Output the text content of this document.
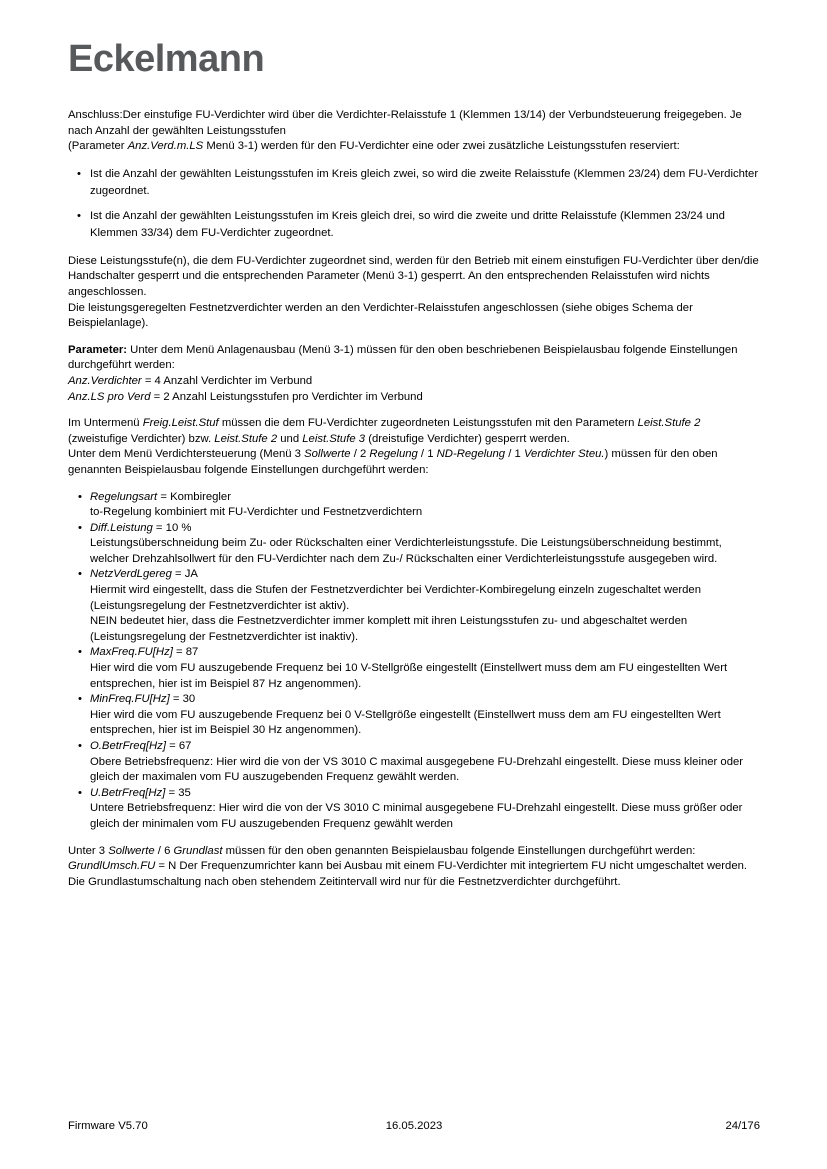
Eckelmann

Anschluss:Der einstufige FU-Verdichter wird über die Verdichter-Relaisstufe 1 (Klemmen 13/14) der Verbundsteuerung freigegeben. Je nach Anzahl der gewählten Leistungsstufen
(Parameter Anz.Verd.m.LS Menü 3-1) werden für den FU-Verdichter eine oder zwei zusätzliche Leistungsstufen reserviert:

• Ist die Anzahl der gewählten Leistungsstufen im Kreis gleich zwei, so wird die zweite Relaisstufe (Klemmen 23/24) dem FU-Verdichter zugeordnet.
• Ist die Anzahl der gewählten Leistungsstufen im Kreis gleich drei, so wird die zweite und dritte Relaisstufe (Klemmen 23/24 und Klemmen 33/34) dem FU-Verdichter zugeordnet.

Diese Leistungsstufe(n), die dem FU-Verdichter zugeordnet sind, werden für den Betrieb mit einem einstufigen FU-Verdichter über den/die Handschalter gesperrt und die entsprechenden Parameter (Menü 3-1) gesperrt. An den entsprechenden Relaisstufen wird nichts angeschlossen.

Die leistungsgeregelten Festnetzverdichter werden an den Verdichter-Relaisstufen angeschlossen (siehe obiges Schema der Beispielanlage).

Parameter: Unter dem Menü Anlagenausbau (Menü 3-1) müssen für den oben beschriebenen Beispielausbau folgende Einstellungen durchgeführt werden:

Anz.Verdichter = 4 Anzahl Verdichter im Verbund

Anz.LS pro Verd = 2 Anzahl Leistungsstufen pro Verdichter im Verbund

Im Untermenü Freig.Leist.Stuf müssen die dem FU-Verdichter zugeordneten Leistungsstufen mit den Parametern Leist.Stufe 2 (zweistufige Verdichter) bzw. Leist.Stufe 2 und Leist.Stufe 3 (dreistufige Verdichter) gesperrt werden.

Unter dem Menü Verdichtersteuerung (Menü 3 Sollwerte / 2 Regelung / 1 ND-Regelung / 1 Verdichter Steu.) müssen für den oben genannten Beispielausbau folgende Einstellungen durchgeführt werden:

• Regelungsart = Kombiregler
to-Regelung kombiniert mit FU-Verdichter und Festnetzverdichtern
• Diff.Leistung = 10 %
Leistungsüberschneidung beim Zu- oder Rückschalten einer Verdichterleistungsstufe. Die Leistungsüberschneidung bestimmt, welcher Drehzahlsollwert für den FU-Verdichter nach dem Zu-/ Rückschalten einer Verdichterleistungsstufe ausgegeben wird.
• NetzVerdLgereg = JA
Hiermit wird eingestellt, dass die Stufen der Festnetzverdichter bei Verdichter-Kombiregelung einzeln zugeschaltet werden (Leistungsregelung der Festnetzverdichter ist aktiv).
NEIN bedeutet hier, dass die Festnetzverdichter immer komplett mit ihren Leistungsstufen zu- und abgeschaltet werden (Leistungsregelung der Festnetzverdichter ist inaktiv).
• MaxFreq.FU[Hz] = 87
Hier wird die vom FU auszugebende Frequenz bei 10 V-Stellgröße eingestellt (Einstellwert muss dem am FU eingestellten Wert entsprechen, hier ist im Beispiel 87 Hz angenommen).
• MinFreq.FU[Hz] = 30
Hier wird die vom FU auszugebende Frequenz bei 0 V-Stellgröße eingestellt (Einstellwert muss dem am FU eingestellten Wert entsprechen, hier ist im Beispiel 30 Hz angenommen).
• O.BetrFreq[Hz] = 67
Obere Betriebsfrequenz: Hier wird die von der VS 3010 C maximal ausgegebene FU-Drehzahl eingestellt. Diese muss kleiner oder gleich der maximalen vom FU auszugebenden Frequenz gewählt werden.
• U.BetrFreq[Hz] = 35
Untere Betriebsfrequenz: Hier wird die von der VS 3010 C minimal ausgegebene FU-Drehzahl eingestellt. Diese muss größer oder gleich der minimalen vom FU auszugebenden Frequenz gewählt werden

Unter 3 Sollwerte / 6 Grundlast müssen für den oben genannten Beispielausbau folgende Einstellungen durchgeführt werden:

GrundlUmsch.FU = N Der Frequenzumrichter kann bei Ausbau mit einem FU-Verdichter mit integriertem FU nicht umgeschaltet werden. Die Grundlastumschaltung nach oben stehendem Zeitintervall wird nur für die Festnetzverdichter durchgeführt.

Firmware V5.70	16.05.2023	24/176
